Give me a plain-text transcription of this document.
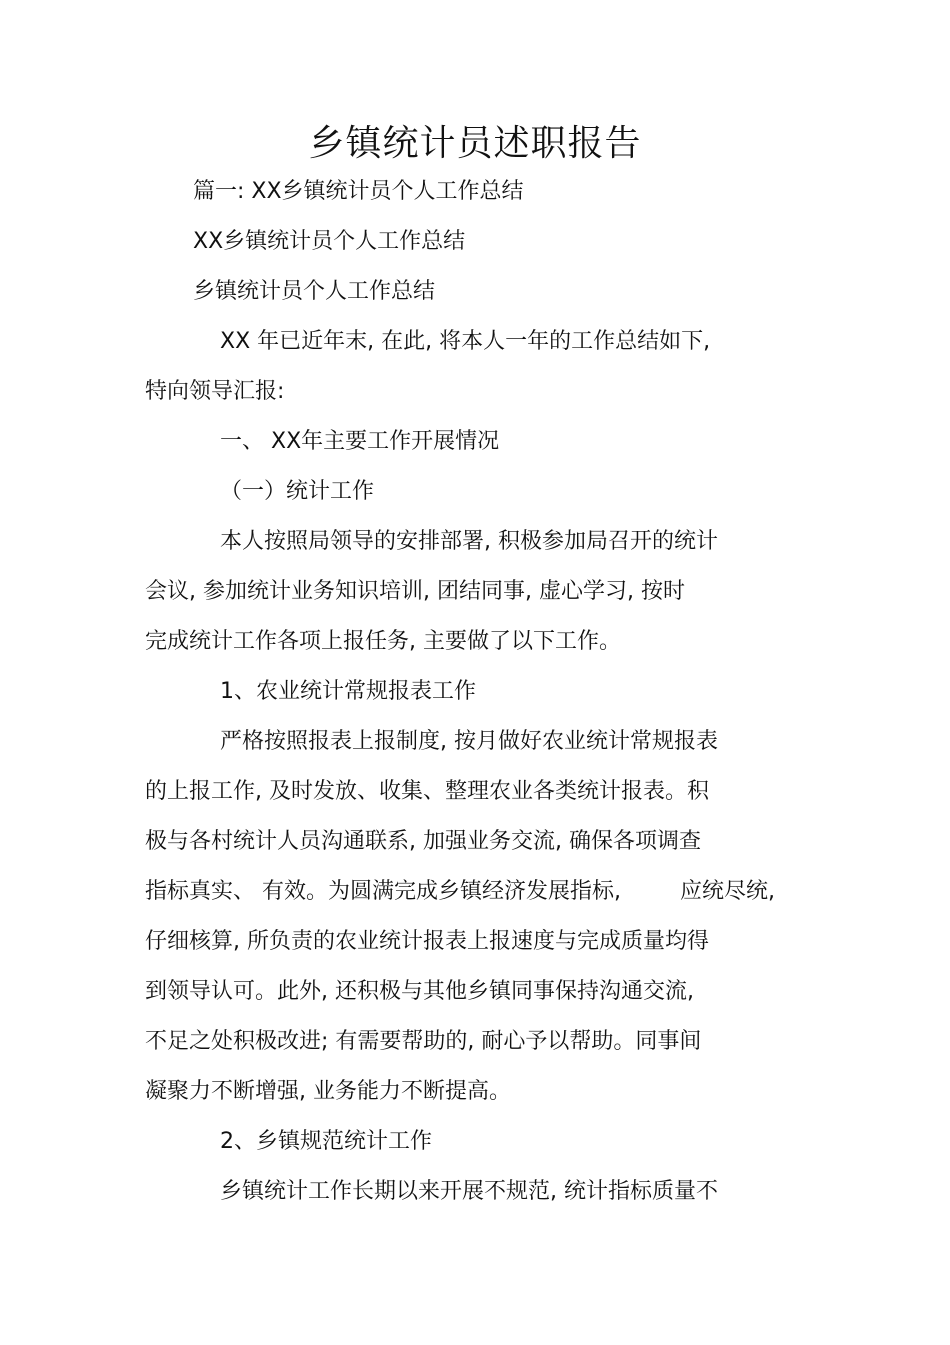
乡镇统计员述职报告

篇一: XX乡镇统计员个人工作总结

XX乡镇统计员个人工作总结

乡镇统计员个人工作总结

XX 年已近年末, 在此, 将本人一年的工作总结如下,

特向领导汇报:

一、 XX年主要工作开展情况

（一）统计工作

本人按照局领导的安排部署, 积极参加局召开的统计

会议, 参加统计业务知识培训, 团结同事, 虚心学习, 按时

完成统计工作各项上报任务, 主要做了以下工作。

1、农业统计常规报表工作

严格按照报表上报制度, 按月做好农业统计常规报表

的上报工作, 及时发放、收集、整理农业各类统计报表。积

极与各村统计人员沟通联系, 加强业务交流, 确保各项调查

指标真实、 有效。为圆满完成乡镇经济发展指标,	应统尽统,

仔细核算, 所负责的农业统计报表上报速度与完成质量均得

到领导认可。此外, 还积极与其他乡镇同事保持沟通交流,

不足之处积极改进; 有需要帮助的, 耐心予以帮助。同事间

凝聚力不断增强, 业务能力不断提高。

2、乡镇规范统计工作

乡镇统计工作长期以来开展不规范, 统计指标质量不
